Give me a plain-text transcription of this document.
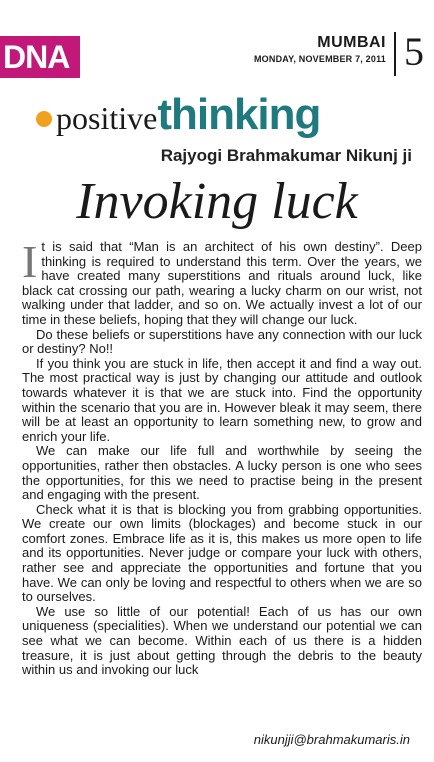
DNA	MUMBAI
MONDAY, NOVEMBER 7, 2011 5
positivethinking
Rajyogi Brahmakumar Nikunj ji
Invoking luck

It is said that “Man is an architect of his own destiny”. Deep thinking is required to understand this term. Over the years, we have created many superstitions and rituals around luck, like black cat crossing our path, wearing a lucky charm on our wrist, not walking under that ladder, and so on. We actually invest a lot of our time in these beliefs, hoping that they will change our luck.

Do these beliefs or superstitions have any connection with our luck or destiny? No!!

If you think you are stuck in life, then accept it and find a way out. The most practical way is just by changing our attitude and outlook towards whatever it is that we are stuck into. Find the opportunity within the scenario that you are in. However bleak it may seem, there will be at least an opportunity to learn something new, to grow and enrich your life.

We can make our life full and worthwhile by seeing the opportunities, rather then obstacles. A lucky person is one who sees the opportunities, for this we need to practise being in the present and engaging with the present.

Check what it is that is blocking you from grabbing opportunities. We create our own limits (blockages) and become stuck in our comfort zones. Embrace life as it is, this makes us more open to life and its opportunities. Never judge or compare your luck with others, rather see and appreciate the opportunities and fortune that you have. We can only be loving and respectful to others when we are so to ourselves.

We use so little of our potential! Each of us has our own uniqueness (specialities). When we understand our potential we can see what we can become. Within each of us there is a hidden treasure, it is just about getting through the debris to the beauty within us and invoking our luck

nikunjji@brahmakumaris.in
